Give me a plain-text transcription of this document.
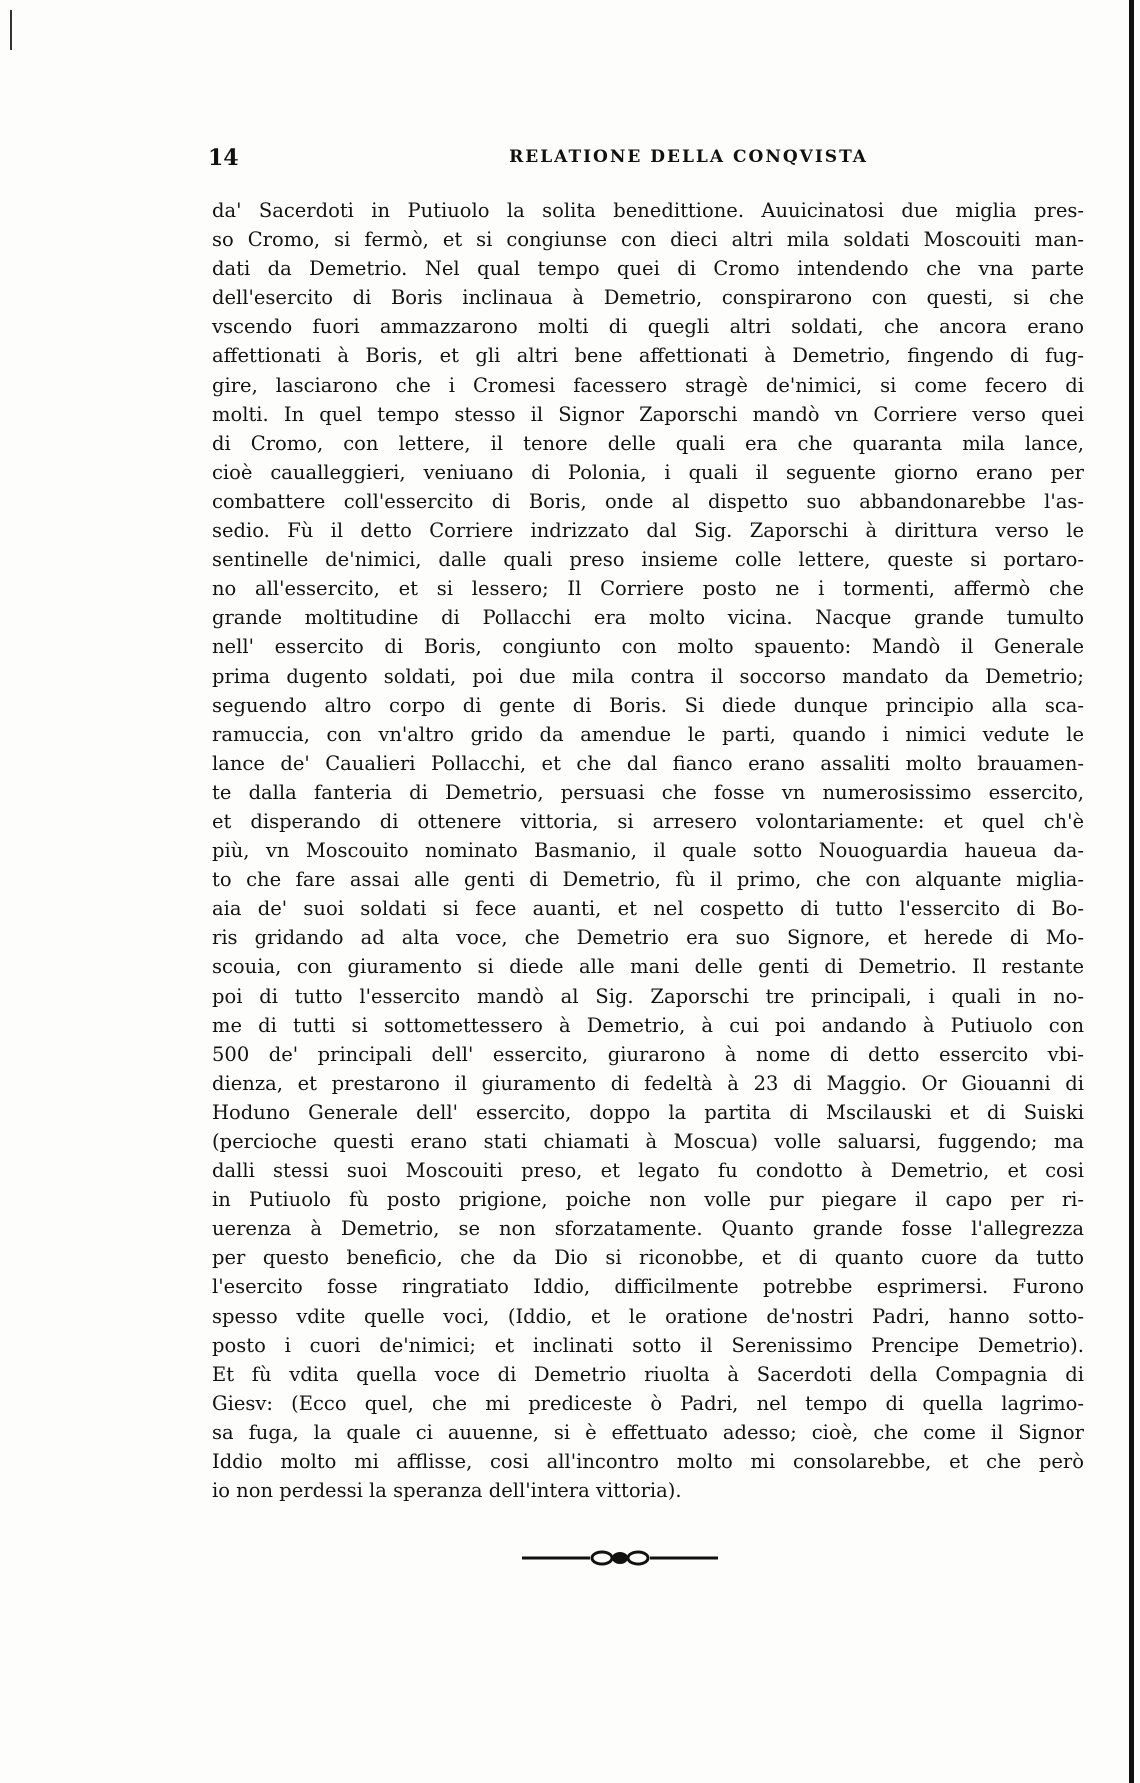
14	RELATIONE DELLA CONQVISTA
da' Sacerdoti in Putiuolo la solita benedittione. Auuicinatosi due miglia pres-
so Cromo, si fermò, et si congiunse con dieci altri mila soldati Moscouiti man-
dati da Demetrio. Nel qual tempo quei di Cromo intendendo che vna parte
dell'esercito di Boris inclinaua à Demetrio, conspirarono con questi, si che
vscendo fuori ammazzarono molti di quegli altri soldati, che ancora erano
affettionati à Boris, et gli altri bene affettionati à Demetrio, fingendo di fug-
gire, lasciarono che i Cromesi facessero stragè de'nimici, si come fecero di
molti. In quel tempo stesso il Signor Zaporschi mandò vn Corriere verso quei
di Cromo, con lettere, il tenore delle quali era che quaranta mila lance,
cioè caualleggieri, veniuano di Polonia, i quali il seguente giorno erano per
combattere coll'essercito di Boris, onde al dispetto suo abbandonarebbe l'as-
sedio. Fù il detto Corriere indrizzato dal Sig. Zaporschi à dirittura verso le
sentinelle de'nimici, dalle quali preso insieme colle lettere, queste si portaro-
no all'essercito, et si lessero; Il Corriere posto ne i tormenti, affermò che
grande moltitudine di Pollacchi era molto vicina. Nacque grande tumulto
nell' essercito di Boris, congiunto con molto spauento: Mandò il Generale
prima dugento soldati, poi due mila contra il soccorso mandato da Demetrio;
seguendo altro corpo di gente di Boris. Si diede dunque principio alla sca-
ramuccia, con vn'altro grido da amendue le parti, quando i nimici vedute le
lance de' Caualieri Pollacchi, et che dal fianco erano assaliti molto brauamen-
te dalla fanteria di Demetrio, persuasi che fosse vn numerosissimo essercito,
et disperando di ottenere vittoria, si arresero volontariamente: et quel ch'è
più, vn Moscouito nominato Basmanio, il quale sotto Nouoguardia haueua da-
to che fare assai alle genti di Demetrio, fù il primo, che con alquante miglia-
aia de' suoi soldati si fece auanti, et nel cospetto di tutto l'essercito di Bo-
ris gridando ad alta voce, che Demetrio era suo Signore, et herede di Mo-
scouia, con giuramento si diede alle mani delle genti di Demetrio. Il restante
poi di tutto l'essercito mandò al Sig. Zaporschi tre principali, i quali in no-
me di tutti si sottomettessero à Demetrio, à cui poi andando à Putiuolo con
500 de' principali dell' essercito, giurarono à nome di detto essercito vbi-
dienza, et prestarono il giuramento di fedeltà à 23 di Maggio. Or Giouanni di
Hoduno Generale dell' essercito, doppo la partita di Mscilauski et di Suiski
(percioche questi erano stati chiamati à Moscua) volle saluarsi, fuggendo; ma
dalli stessi suoi Moscouiti preso, et legato fu condotto à Demetrio, et cosi
in Putiuolo fù posto prigione, poiche non volle pur piegare il capo per ri-
uerenza à Demetrio, se non sforzatamente. Quanto grande fosse l'allegrezza
per questo beneficio, che da Dio si riconobbe, et di quanto cuore da tutto
l'esercito fosse ringratiato Iddio, difficilmente potrebbe esprimersi. Furono
spesso vdite quelle voci, (Iddio, et le oratione de'nostri Padri, hanno sotto-
posto i cuori de'nimici; et inclinati sotto il Serenissimo Prencipe Demetrio).
Et fù vdita quella voce di Demetrio riuolta à Sacerdoti della Compagnia di
Giesv: (Ecco quel, che mi prediceste ò Padri, nel tempo di quella lagrimo-
sa fuga, la quale ci auuenne, si è effettuato adesso; cioè, che come il Signor
Iddio molto mi afflisse, cosi all'incontro molto mi consolarebbe, et che però
io non perdessi la speranza dell'intera vittoria).
